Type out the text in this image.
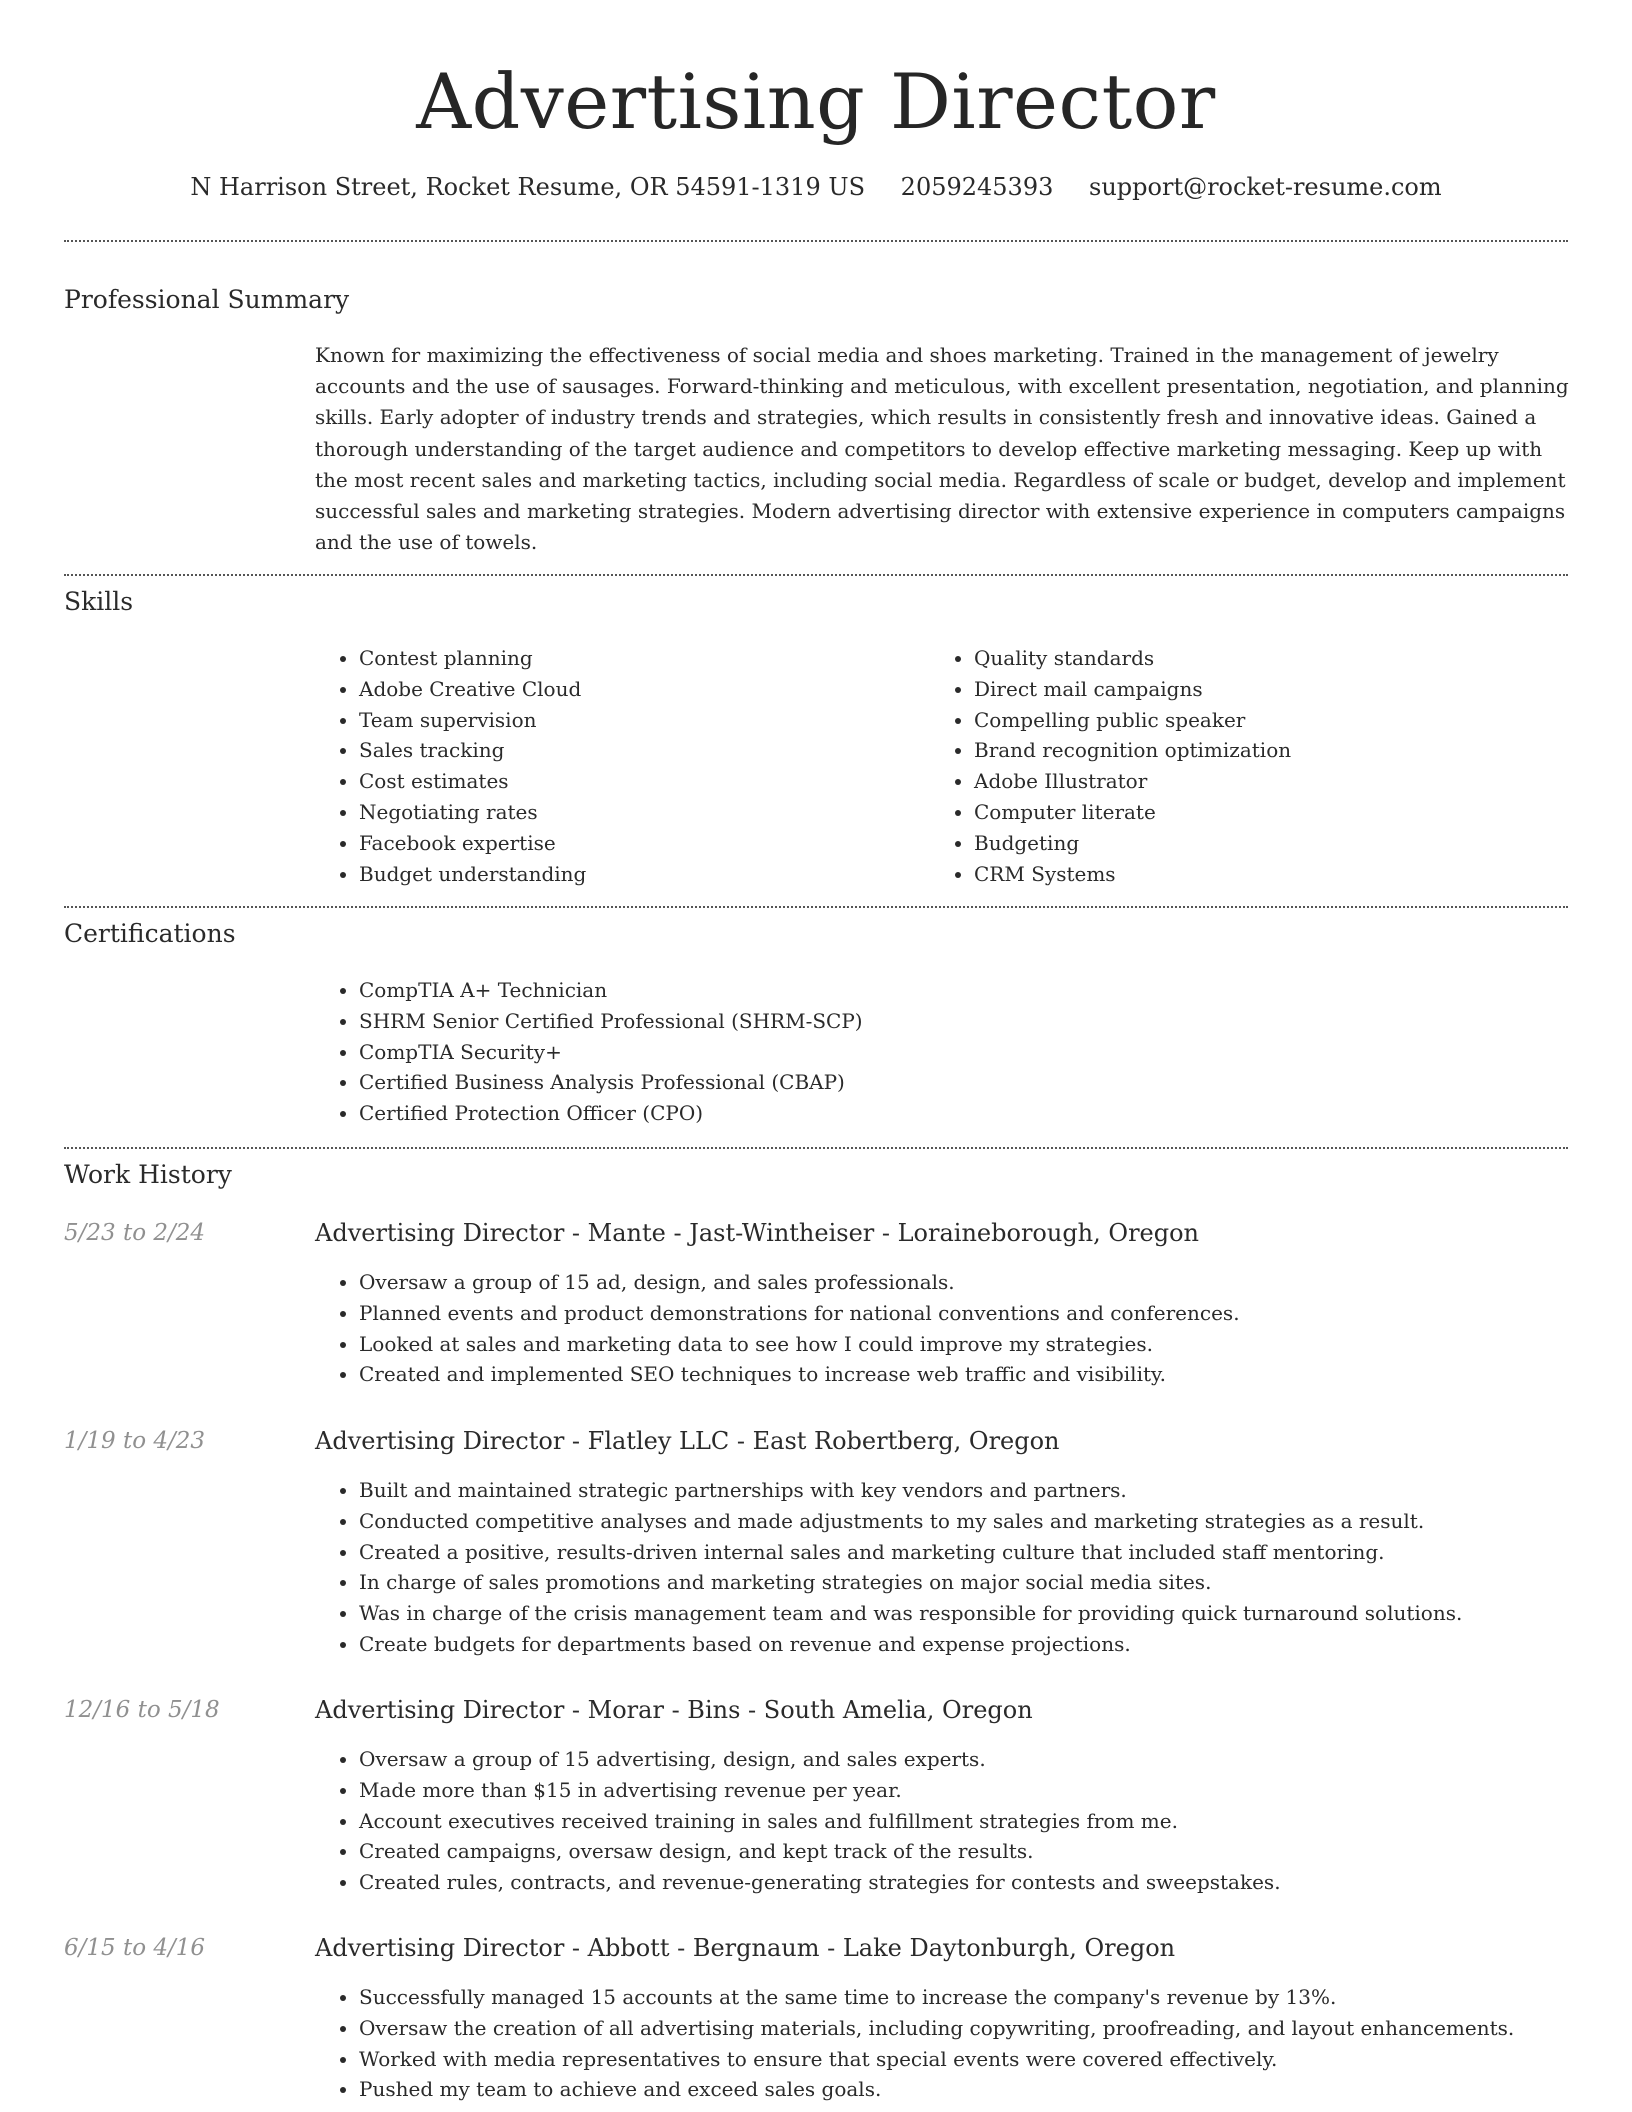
Advertising Director
N Harrison Street, Rocket Resume, OR 54591-1319 US 2059245393 support@rocket-resume.com
Professional Summary

Known for maximizing the effectiveness of social media and shoes marketing. Trained in the management of jewelry accounts and the use of sausages. Forward-thinking and meticulous, with excellent presentation, negotiation, and planning skills. Early adopter of industry trends and strategies, which results in consistently fresh and innovative ideas. Gained a thorough understanding of the target audience and competitors to develop effective marketing messaging. Keep up with the most recent sales and marketing tactics, including social media. Regardless of scale or budget, develop and implement successful sales and marketing strategies. Modern advertising director with extensive experience in computers campaigns and the use of towels.

Skills
• Contest planning
• Adobe Creative Cloud
• Team supervision
• Sales tracking
• Cost estimates
• Negotiating rates
• Facebook expertise
• Budget understanding
• Quality standards
• Direct mail campaigns
• Compelling public speaker
• Brand recognition optimization
• Adobe Illustrator
• Computer literate
• Budgeting
• CRM Systems
Certifications
• CompTIA A+ Technician
• SHRM Senior Certified Professional (SHRM-SCP)
• CompTIA Security+
• Certified Business Analysis Professional (CBAP)
• Certified Protection Officer (CPO)
Work History
5/23 to 2/24	Advertising Director - Mante - Jast-Wintheiser - Loraineborough, Oregon
• Oversaw a group of 15 ad, design, and sales professionals.
• Planned events and product demonstrations for national conventions and conferences.
• Looked at sales and marketing data to see how I could improve my strategies.
• Created and implemented SEO techniques to increase web traffic and visibility.
1/19 to 4/23	Advertising Director - Flatley LLC - East Robertberg, Oregon
• Built and maintained strategic partnerships with key vendors and partners.
• Conducted competitive analyses and made adjustments to my sales and marketing strategies as a result.
• Created a positive, results-driven internal sales and marketing culture that included staff mentoring.
• In charge of sales promotions and marketing strategies on major social media sites.
• Was in charge of the crisis management team and was responsible for providing quick turnaround solutions.
• Create budgets for departments based on revenue and expense projections.
12/16 to 5/18	Advertising Director - Morar - Bins - South Amelia, Oregon
• Oversaw a group of 15 advertising, design, and sales experts.
• Made more than $15 in advertising revenue per year.
• Account executives received training in sales and fulfillment strategies from me.
• Created campaigns, oversaw design, and kept track of the results.
• Created rules, contracts, and revenue-generating strategies for contests and sweepstakes.
6/15 to 4/16	Advertising Director - Abbott - Bergnaum - Lake Daytonburgh, Oregon
• Successfully managed 15 accounts at the same time to increase the company's revenue by 13%.
• Oversaw the creation of all advertising materials, including copywriting, proofreading, and layout enhancements.
• Worked with media representatives to ensure that special events were covered effectively.
• Pushed my team to achieve and exceed sales goals.
